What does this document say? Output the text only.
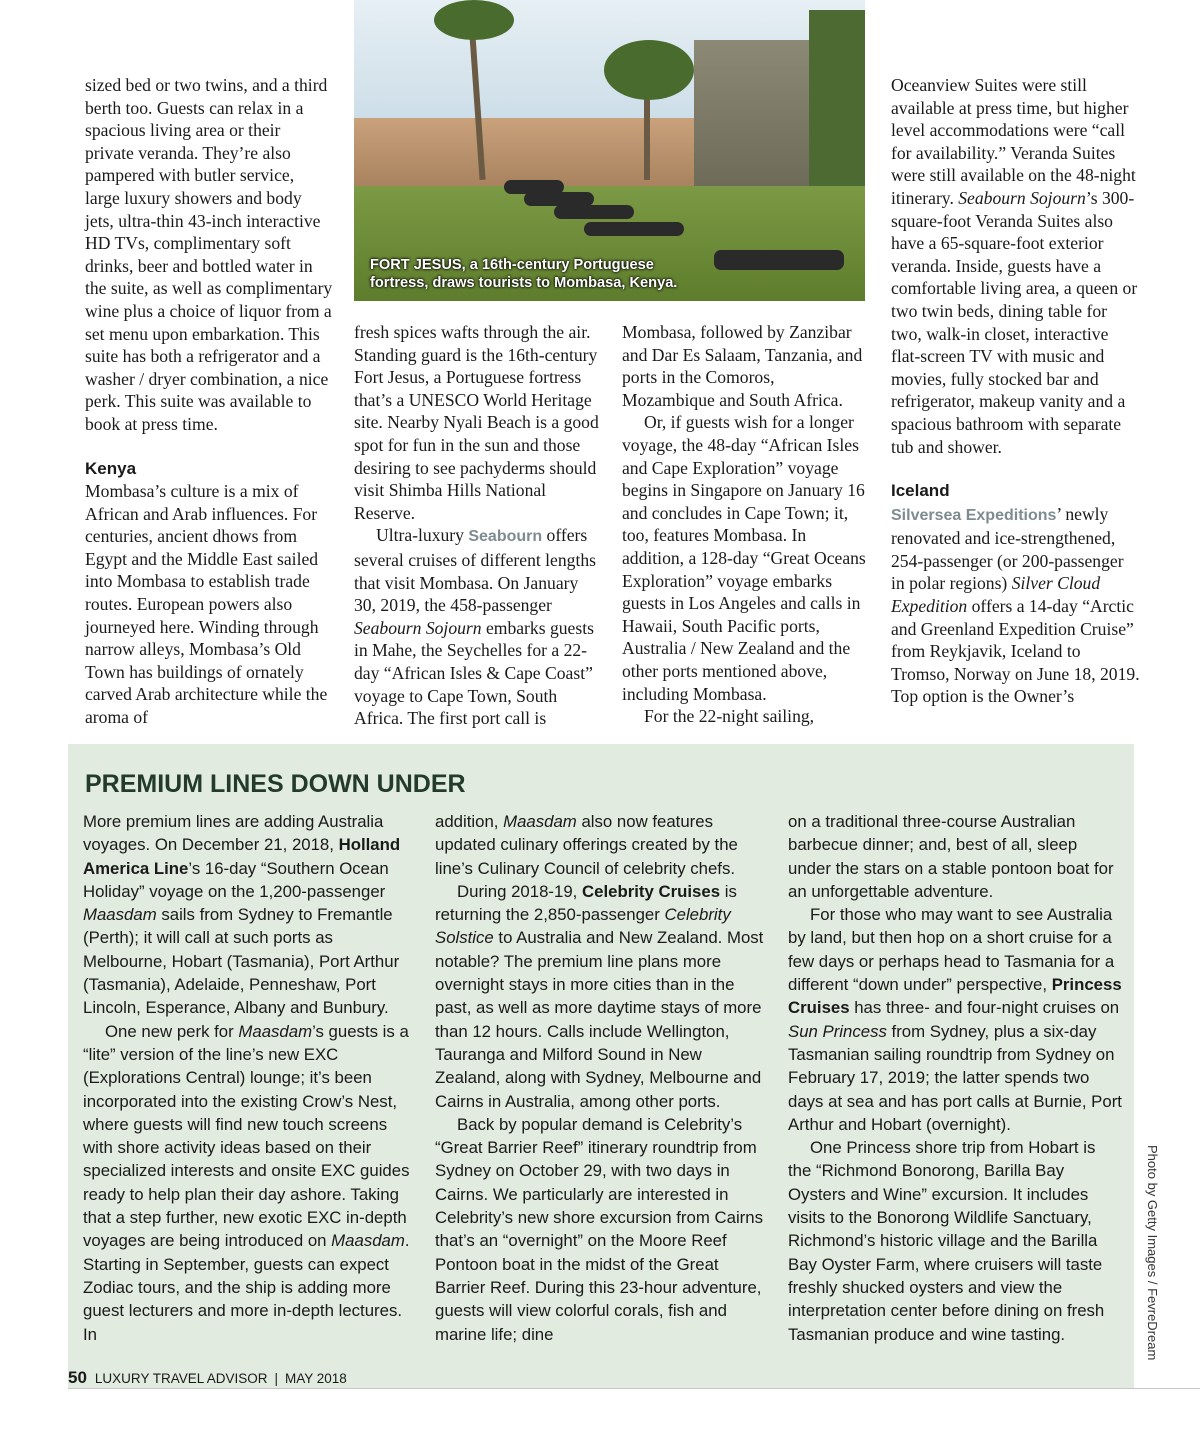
FORT JESUS, a 16th-century Portuguese
fortress, draws tourists to Mombasa, Kenya.

sized bed or two twins, and a third berth too. Guests can relax in a spacious living area or their private veranda. They’re also pampered with butler service, large luxury showers and body jets, ultra-thin 43-inch interactive HD TVs, complimentary soft drinks, beer and bottled water in the suite, as well as complimentary wine plus a choice of liquor from a set menu upon embarkation. This suite has both a refrigerator and a washer / dryer combination, a nice perk. This suite was available to book at press time.

Kenya

Mombasa’s culture is a mix of African and Arab influences. For centuries, ancient dhows from Egypt and the Middle East sailed into Mombasa to establish trade routes. European powers also journeyed here. Winding through narrow alleys, Mombasa’s Old Town has buildings of ornately carved Arab architecture while the aroma of

fresh spices wafts through the air. Standing guard is the 16th-century Fort Jesus, a Portuguese fortress that’s a UNESCO World Heritage site. Nearby Nyali Beach is a good spot for fun in the sun and those desiring to see pachyderms should visit Shimba Hills National Reserve.

Ultra-luxury Seabourn offers several cruises of different lengths that visit Mombasa. On January 30, 2019, the 458-passenger Seabourn Sojourn embarks guests in Mahe, the Seychelles for a 22-day “African Isles & Cape Coast” voyage to Cape Town, South Africa. The first port call is

Mombasa, followed by Zanzibar and Dar Es Salaam, Tanzania, and ports in the Comoros, Mozambique and South Africa.

Or, if guests wish for a longer voyage, the 48-day “African Isles and Cape Exploration” voyage begins in Singapore on January 16 and concludes in Cape Town; it, too, features Mombasa. In addition, a 128-day “Great Oceans Exploration” voyage embarks guests in Los Angeles and calls in Hawaii, South Pacific ports, Australia / New Zealand and the other ports mentioned above, including Mombasa.

For the 22-night sailing,

Oceanview Suites were still available at press time, but higher level accommodations were “call for availability.” Veranda Suites were still available on the 48-night itinerary. Seabourn Sojourn’s 300-square-foot Veranda Suites also have a 65-square-foot exterior veranda. Inside, guests have a comfortable living area, a queen or two twin beds, dining table for two, walk-in closet, interactive flat-screen TV with music and movies, fully stocked bar and refrigerator, makeup vanity and a spacious bathroom with separate tub and shower.

Iceland

Silversea Expeditions’ newly renovated and ice-strengthened, 254-passenger (or 200-passenger in polar regions) Silver Cloud Expedition offers a 14-day “Arctic and Greenland Expedition Cruise” from Reykjavik, Iceland to Tromso, Norway on June 18, 2019. Top option is the Owner’s

PREMIUM LINES DOWN UNDER

More premium lines are adding Australia voyages. On December 21, 2018, Holland America Line’s 16-day “Southern Ocean Holiday” voyage on the 1,200-passenger Maasdam sails from Sydney to Fremantle (Perth); it will call at such ports as Melbourne, Hobart (Tasmania), Port Arthur (Tasmania), Adelaide, Penneshaw, Port Lincoln, Esperance, Albany and Bunbury.

One new perk for Maasdam’s guests is a “lite” version of the line’s new EXC (Explorations Central) lounge; it’s been incorporated into the existing Crow’s Nest, where guests will find new touch screens with shore activity ideas based on their specialized interests and onsite EXC guides ready to help plan their day ashore. Taking that a step further, new exotic EXC in-depth voyages are being introduced on Maasdam. Starting in September, guests can expect Zodiac tours, and the ship is adding more guest lecturers and more in-depth lectures. In

addition, Maasdam also now features updated culinary offerings created by the line’s Culinary Council of celebrity chefs.

During 2018-19, Celebrity Cruises is returning the 2,850-passenger Celebrity Solstice to Australia and New Zealand. Most notable? The premium line plans more overnight stays in more cities than in the past, as well as more daytime stays of more than 12 hours. Calls include Wellington, Tauranga and Milford Sound in New Zealand, along with Sydney, Melbourne and Cairns in Australia, among other ports.

Back by popular demand is Celebrity’s “Great Barrier Reef” itinerary roundtrip from Sydney on October 29, with two days in Cairns. We particularly are interested in Celebrity’s new shore excursion from Cairns that’s an “overnight” on the Moore Reef Pontoon boat in the midst of the Great Barrier Reef. During this 23-hour adventure, guests will view colorful corals, fish and marine life; dine

on a traditional three-course Australian barbecue dinner; and, best of all, sleep under the stars on a stable pontoon boat for an unforgettable adventure.

For those who may want to see Australia by land, but then hop on a short cruise for a few days or perhaps head to Tasmania for a different “down under” perspective, Princess Cruises has three- and four-night cruises on Sun Princess from Sydney, plus a six-day Tasmanian sailing roundtrip from Sydney on February 17, 2019; the latter spends two days at sea and has port calls at Burnie, Port Arthur and Hobart (overnight).

One Princess shore trip from Hobart is the “Richmond Bonorong, Barilla Bay Oysters and Wine” excursion. It includes visits to the Bonorong Wildlife Sanctuary, Richmond’s historic village and the Barilla Bay Oyster Farm, where cruisers will taste freshly shucked oysters and view the interpretation center before dining on fresh Tasmanian produce and wine tasting.	Photo by Getty Images / FevreDream
50 LUXURY TRAVEL ADVISOR | MAY 2018
